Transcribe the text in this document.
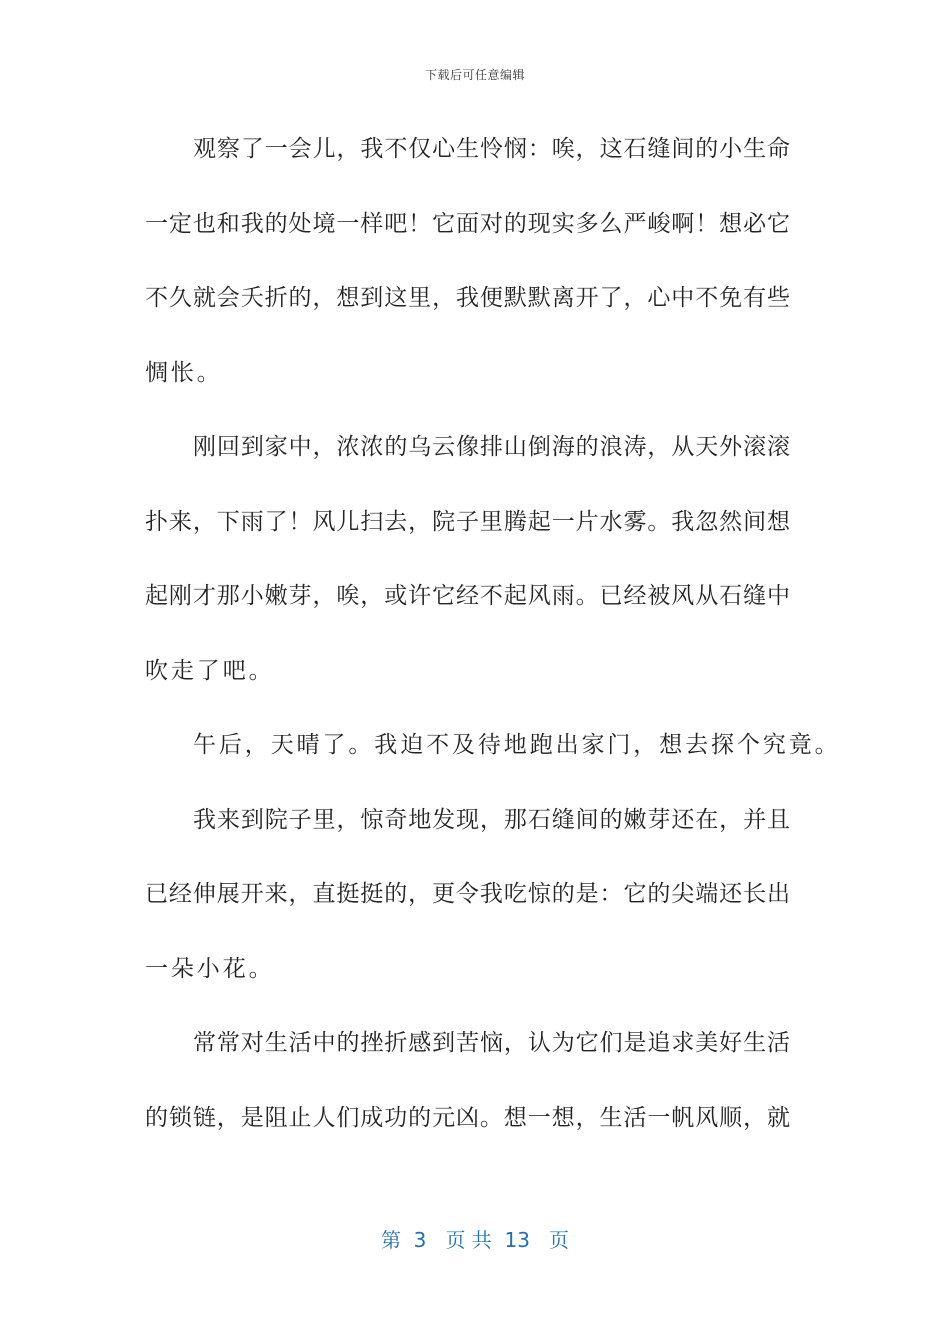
下载后可任意编辑
观察了一会儿，我不仅心生怜悯：唉，这石缝间的小生命
一定也和我的处境一样吧！它面对的现实多么严峻啊！想必它
不久就会夭折的，想到这里，我便默默离开了，心中不免有些
惆怅。
刚回到家中，浓浓的乌云像排山倒海的浪涛，从天外滚滚
扑来，下雨了！风儿扫去，院子里腾起一片水雾。我忽然间想
起刚才那小嫩芽，唉，或许它经不起风雨。已经被风从石缝中
吹走了吧。
午后，天晴了。我迫不及待地跑出家门，想去探个究竟。
我来到院子里，惊奇地发现，那石缝间的嫩芽还在，并且
已经伸展开来，直挺挺的，更令我吃惊的是：它的尖端还长出
一朵小花。
常常对生活中的挫折感到苦恼，认为它们是追求美好生活
的锁链，是阻止人们成功的元凶。想一想，生活一帆风顺，就
第  3   页 共  13   页
